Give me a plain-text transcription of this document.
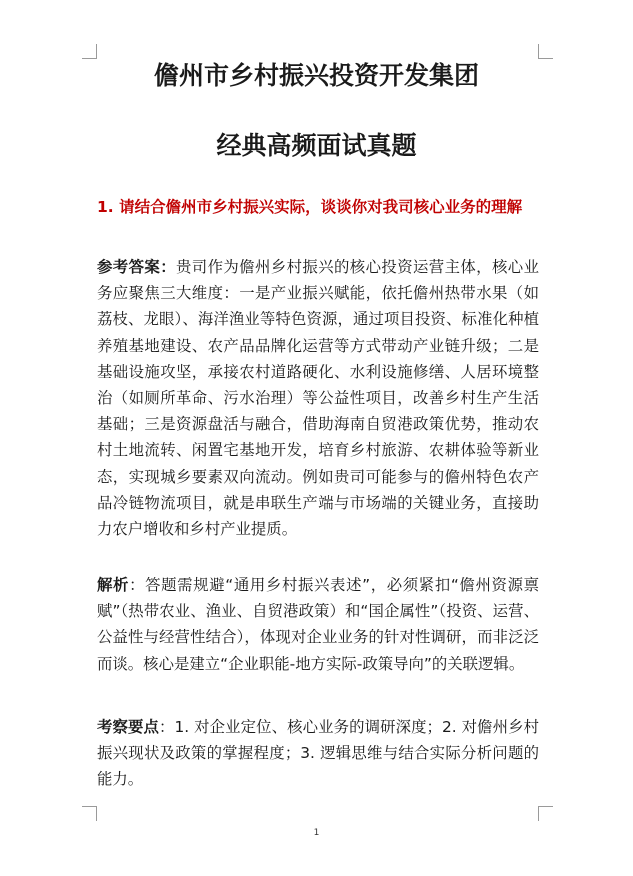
儋州市乡村振兴投资开发集团
经典高频面试真题

1. 请结合儋州市乡村振兴实际，谈谈你对我司核心业务的理解

参考答案：贵司作为儋州乡村振兴的核心投资运营主体，核心业务应聚焦三大维度：一是产业振兴赋能，依托儋州热带水果（如荔枝、龙眼）、海洋渔业等特色资源，通过项目投资、标准化种植养殖基地建设、农产品品牌化运营等方式带动产业链升级；二是基础设施攻坚，承接农村道路硬化、水利设施修缮、人居环境整治（如厕所革命、污水治理）等公益性项目，改善乡村生产生活基础；三是资源盘活与融合，借助海南自贸港政策优势，推动农村土地流转、闲置宅基地开发，培育乡村旅游、农耕体验等新业态，实现城乡要素双向流动。例如贵司可能参与的儋州特色农产品冷链物流项目，就是串联生产端与市场端的关键业务，直接助力农户增收和乡村产业提质。

解析：答题需规避“通用乡村振兴表述”，必须紧扣“儋州资源禀赋”（热带农业、渔业、自贸港政策）和“国企属性”（投资、运营、公益性与经营性结合），体现对企业业务的针对性调研，而非泛泛而谈。核心是建立“企业职能-地方实际-政策导向”的关联逻辑。

考察要点：1. 对企业定位、核心业务的调研深度；2. 对儋州乡村振兴现状及政策的掌握程度；3. 逻辑思维与结合实际分析问题的能力。

1
